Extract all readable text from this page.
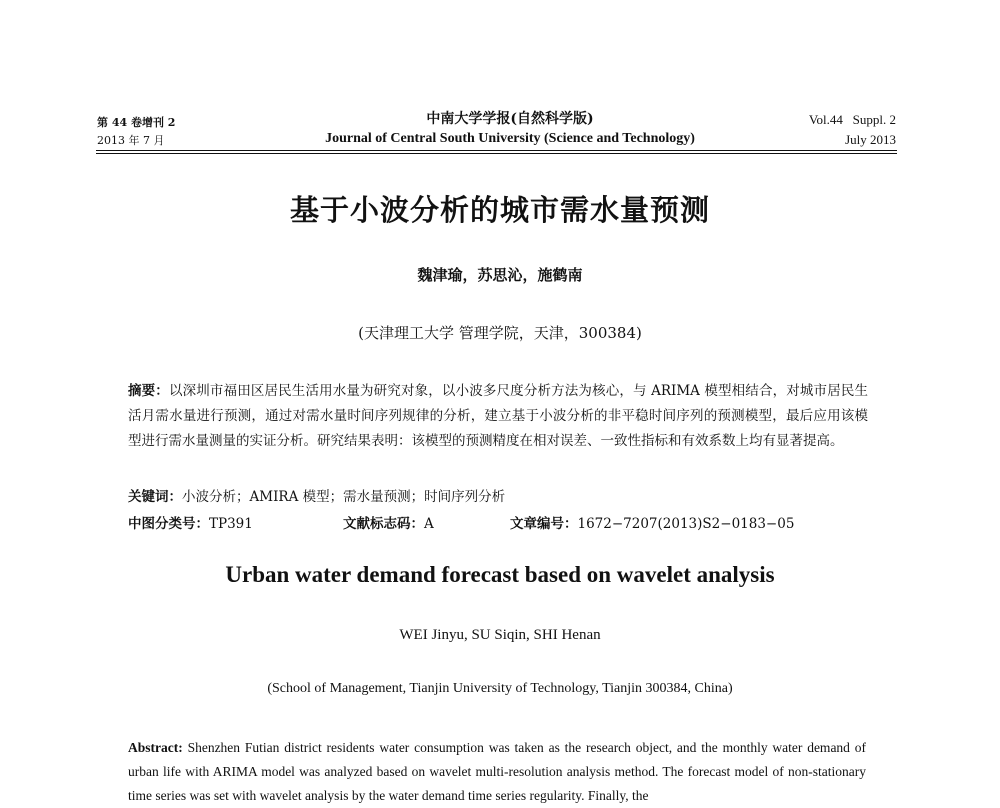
第 44 卷增刊 2
2013 年 7 月
中南大学学报(自然科学版)
Journal of Central South University (Science and Technology)
Vol.44   Suppl. 2
July 2013
基于小波分析的城市需水量预测
魏津瑜，苏思沁，施鹤南
(天津理工大学 管理学院，天津，300384)
摘要：以深圳市福田区居民生活用水量为研究对象，以小波多尺度分析方法为核心，与 ARIMA 模型相结合，对城市居民生活月需水量进行预测，通过对需水量时间序列规律的分析，建立基于小波分析的非平稳时间序列的预测模型，最后应用该模型进行需水量测量的实证分析。研究结果表明：该模型的预测精度在相对误差、一致性指标和有效系数上均有显著提高。
关键词：小波分析；AMIRA 模型；需水量预测；时间序列分析
中图分类号：TP391	文献标志码：A	文章编号：1672−7207(2013)S2−0183−05
Urban water demand forecast based on wavelet analysis
WEI Jinyu, SU Siqin, SHI Henan
(School of Management, Tianjin University of Technology, Tianjin 300384, China)
Abstract: Shenzhen Futian district residents water consumption was taken as the research object, and the monthly water demand of urban life with ARIMA model was analyzed based on wavelet multi-resolution analysis method. The forecast model of non-stationary time series was set with wavelet analysis by the water demand time series regularity. Finally, the
